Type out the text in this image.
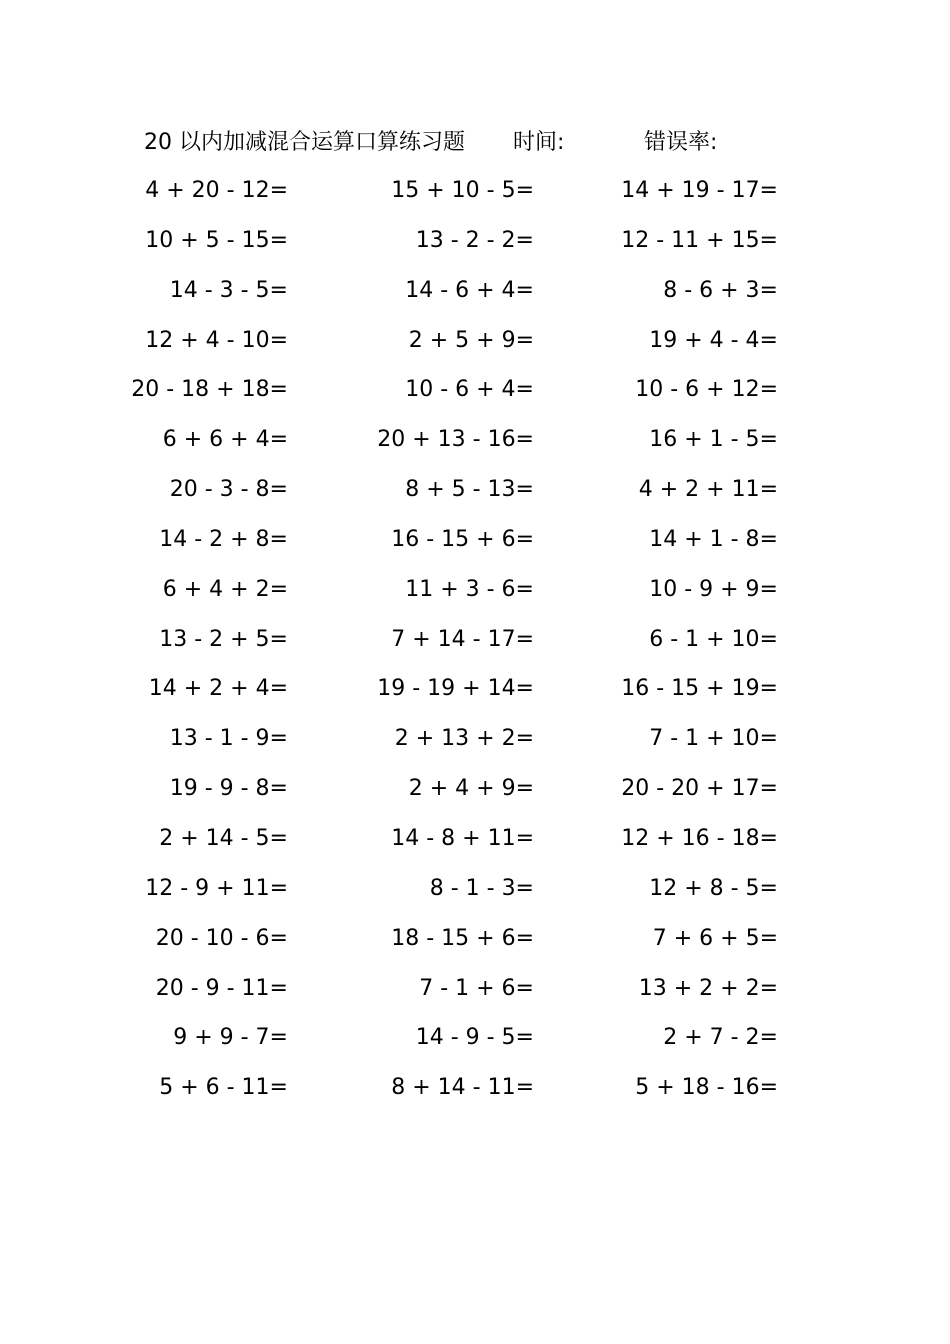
20 以内加减混合运算口算练习题 时间:	错误率:
4 + 20 - 12=
10 + 5 - 15=
14 - 3 - 5=
12 + 4 - 10=
20 - 18 + 18=
6 + 6 + 4=
20 - 3 - 8=
14 - 2 + 8=
6 + 4 + 2=
13 - 2 + 5=
14 + 2 + 4=
13 - 1 - 9=
19 - 9 - 8=
2 + 14 - 5=
12 - 9 + 11=
20 - 10 - 6=
20 - 9 - 11=
9 + 9 - 7=
5 + 6 - 11=
15 + 10 - 5=
13 - 2 - 2=
14 - 6 + 4=
2 + 5 + 9=
10 - 6 + 4=
20 + 13 - 16=
8 + 5 - 13=
16 - 15 + 6=
11 + 3 - 6=
7 + 14 - 17=
19 - 19 + 14=
2 + 13 + 2=
2 + 4 + 9=
14 - 8 + 11=
8 - 1 - 3=
18 - 15 + 6=
7 - 1 + 6=
14 - 9 - 5=
8 + 14 - 11=
14 + 19 - 17=
12 - 11 + 15=
8 - 6 + 3=
19 + 4 - 4=
10 - 6 + 12=
16 + 1 - 5=
4 + 2 + 11=
14 + 1 - 8=
10 - 9 + 9=
6 - 1 + 10=
16 - 15 + 19=
7 - 1 + 10=
20 - 20 + 17=
12 + 16 - 18=
12 + 8 - 5=
7 + 6 + 5=
13 + 2 + 2=
2 + 7 - 2=
5 + 18 - 16=
